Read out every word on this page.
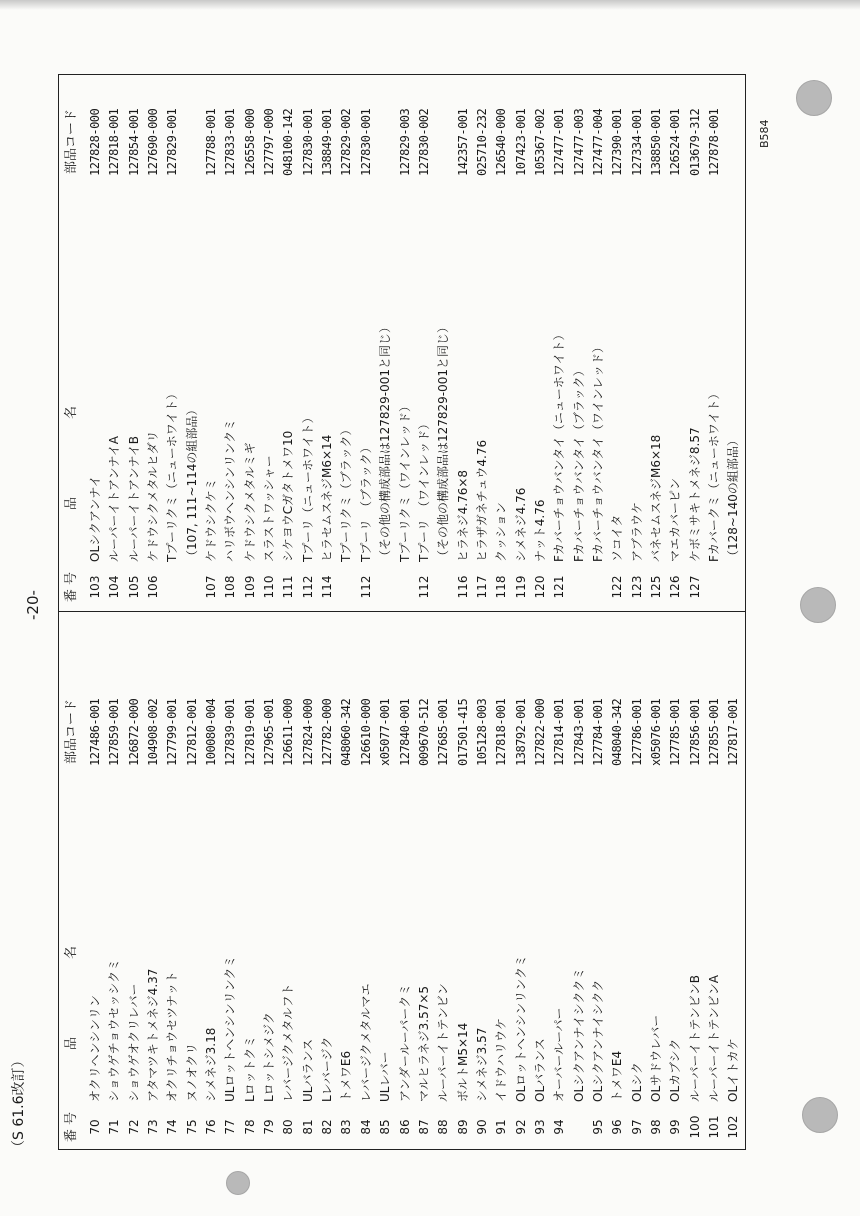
B584
-20-
（S 61.6改訂）	番 号
品　　　　　　名
部品コード
番 号
品　　　　　　名
部品コード
70
オクリヘンシンリン
127486-001
71
ショウゲチョウセッシクミ
127859-001
72
ショウゲオクリレバー
126872-000
73
アタマツキトメネジ4.37
104908-002
74
オクリチョウセツナット
127799-001
75
ヌノオクリ
127812-001
76
シメネジ3.18
100080-004
77
ULロットヘンシンリンクミ
127839-001
78
Lロットクミ
127819-001
79
Lロットシメジク
127965-001
80
レバージクメタルフト
126611-000
81
ULバランス
127824-000
82
Lレバージク
127782-000
83
トメワE6
048060-342
84
レバージクメタルマエ
126610-000
85
ULレバー
x05077-001
86
アンダールーパークミ
127840-001
87
マルヒラネジ3.57×5
009670-512
88
ルーパーイトテンビン
127685-001
89
ボルトM5×14
017501-415
90
シメネジ3.57
105128-003
91
イドウハリウケ
127818-001
92
OLロットヘンシンリンクミ
138792-001
93
OLバランス
127822-000
94
オーバールーパー
127814-001
OLシクアンナイシククミ
127843-001
95
OLシクアンナイシクク
127784-001
96
トメワE4
048040-342
97
OLシク
127786-001
98
OLサドウレバー
x05076-001
99
OLカブシク
127785-001
100
ルーパーイトテンビンB
127856-001
101
ルーパーイトテンビンA
127855-001
102
OLイトカケ
127817-001
103
OLシクアンナイ
127828-000
104
ルーパーイトアンナイA
127818-001
105
ルーパーイトアンナイB
127854-001
106
ケドウシクメタルヒダリ
127690-000
Tプーリクミ（ニューホワイト）
127829-001
（107, 111~114の組部品）
107
ケドウシクケミ
127788-001
108
ハリボウヘンシンリンクミ
127833-001
109
ケドウシクメタルミギ
126558-000
110
スラストワッシャー
127797-000
111
シケヨウCガタトメワ10
048100-142
112
Tプーリ（ニューホワイト）
127830-001
114
ヒラセムスネジM6×14
138849-001
Tプーリクミ（ブラック）
127829-002
112
Tプーリ　（ブラック）
127830-001
（その他の構成部品は127829-001と同じ） Tプーリクミ（ワインレッド）
127829-003
112
Tプーリ　（ワインレッド）
127830-002
（その他の構成部品は127829-001と同じ）
116
ヒラネジ4.76×8
142357-001
117
ヒラザガネチュウ4.76
025710-232
118
クッション
126540-000
119
シメネジ4.76
107423-001
120
ナット4.76
105367-002
121
Fカバーチョウバンタイ（ニューホワイト）
127477-001
Fカバーチョウバンタイ（ブラック）
127477-003
Fカバーチョウバンタイ（ワインレッド）
127477-004
122
ソコイタ
127390-001
123
アブラウケ
127334-001
125
バネセムスネジM6×18
138850-001
126
マエカバーピン
126524-001
127
ケボミサキトメネジ8.57
013679-312
Fカバークミ（ニューホワイト）
127878-001
（128~140の組部品）
